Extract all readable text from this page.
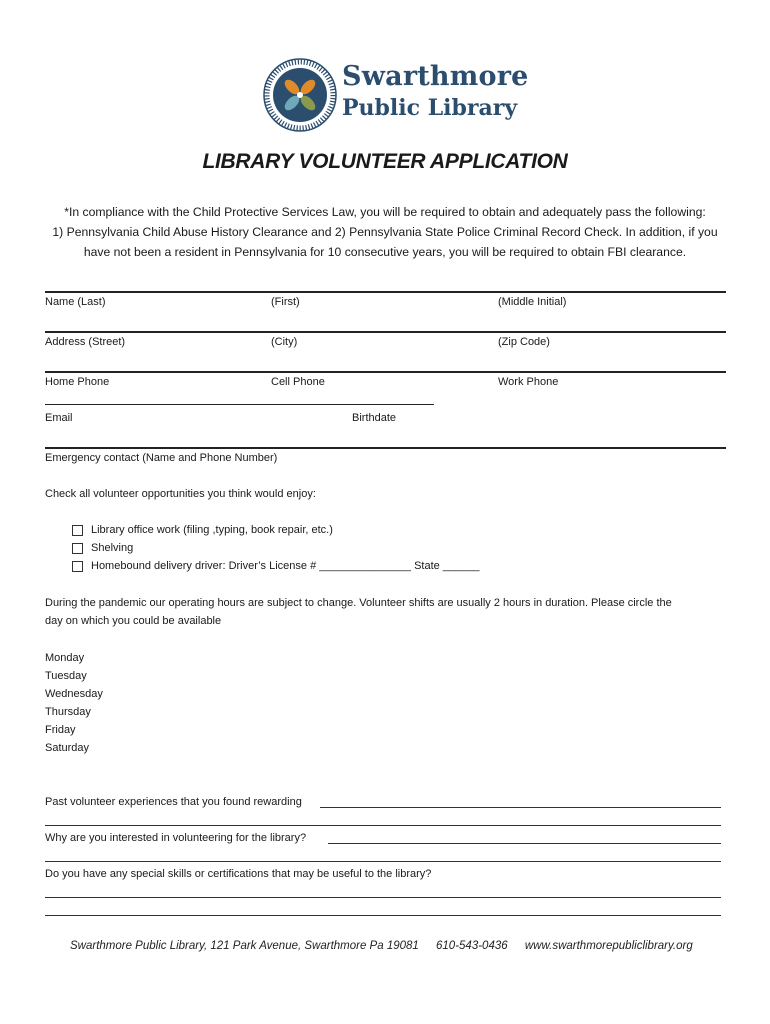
Swarthmore
Public Library
LIBRARY VOLUNTEER APPLICATION
*In compliance with the Child Protective Services Law, you will be required to obtain and adequately pass the following:
1) Pennsylvania Child Abuse History Clearance and 2) Pennsylvania State Police Criminal Record Check. In addition, if you
have not been a resident in Pennsylvania for 10 consecutive years, you will be required to obtain FBI clearance.
Name (Last)	(First)	(Middle Initial)
Address (Street)	(City)	(Zip Code)
Home Phone	Cell Phone	Work Phone
Email	Birthdate
Emergency contact (Name and Phone Number)
Check all volunteer opportunities you think would enjoy:
Library office work (filing ,typing, book repair, etc.)
Shelving
Homebound delivery driver: Driver’s License # _______________ State ______
During the pandemic our operating hours are subject to change. Volunteer shifts are usually 2 hours in duration. Please circle the
day on which you could be available
Monday
Tuesday
Wednesday
Thursday
Friday
Saturday
Past volunteer experiences that you found rewarding
Why are you interested in volunteering for the library?
Do you have any special skills or certifications that may be useful to the library?
Swarthmore Public Library, 121 Park Avenue, Swarthmore Pa 19081 610-543-0436 www.swarthmorepubliclibrary.org
